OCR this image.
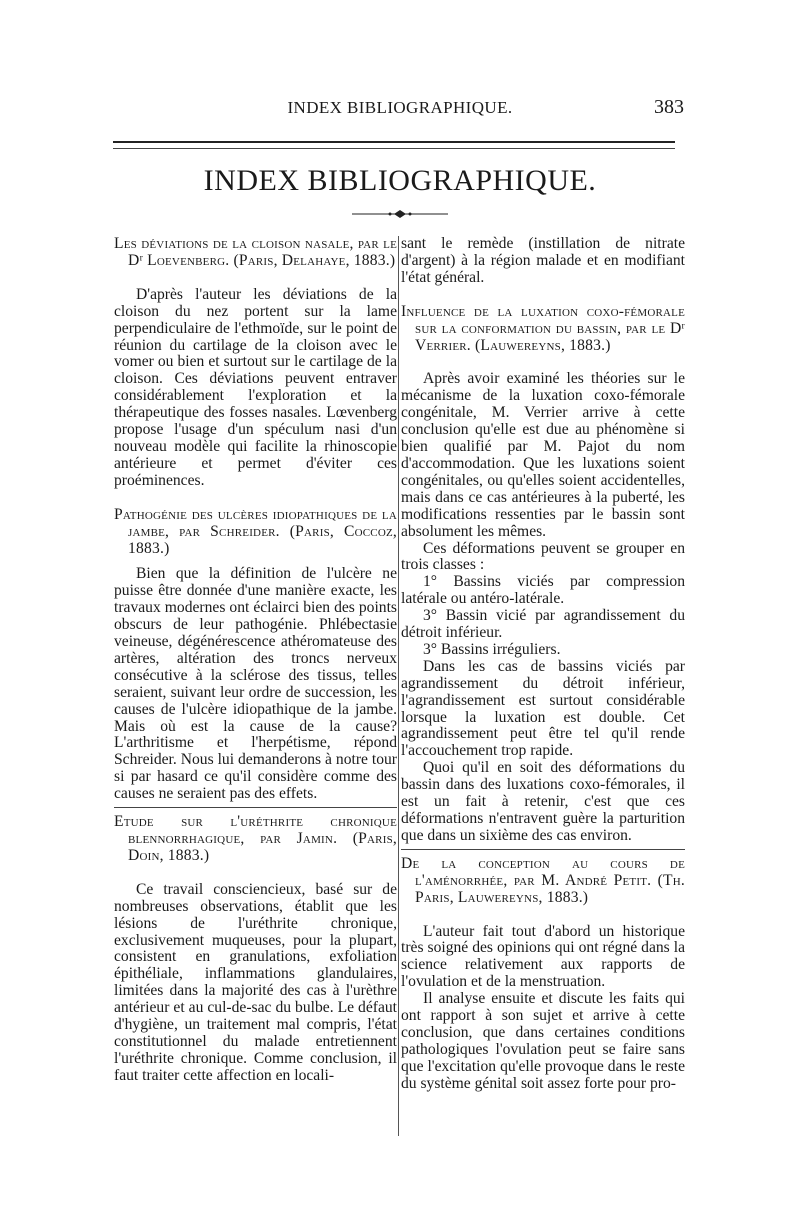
INDEX BIBLIOGRAPHIQUE.	383
INDEX BIBLIOGRAPHIQUE.

Les déviations de la cloison nasale, par le Dʳ Loevenberg. (Paris, Delahaye, 1883.)

D'après l'auteur les déviations de la cloison du nez portent sur la lame perpendiculaire de l'ethmoïde, sur le point de réunion du cartilage de la cloison avec le vomer ou bien et surtout sur le cartilage de la cloison. Ces déviations peuvent entraver considérablement l'exploration et la thérapeutique des fosses nasales. Lœvenberg propose l'usage d'un spéculum nasi d'un nouveau modèle qui facilite la rhinoscopie antérieure et permet d'éviter ces proéminences.

Pathogénie des ulcères idiopathiques de la jambe, par Schreider. (Paris, Coccoz, 1883.)

Bien que la définition de l'ulcère ne puisse être donnée d'une manière exacte, les travaux modernes ont éclairci bien des points obscurs de leur pathogénie. Phlébectasie veineuse, dégénérescence athéromateuse des artères, altération des troncs nerveux consécutive à la sclérose des tissus, telles seraient, suivant leur ordre de succession, les causes de l'ulcère idiopathique de la jambe. Mais où est la cause de la cause? L'arthritisme et l'herpétisme, répond Schreider. Nous lui demanderons à notre tour si par hasard ce qu'il considère comme des causes ne seraient pas des effets.

Etude sur l'uréthrite chronique blennorrhagique, par Jamin. (Paris, Doin, 1883.)

Ce travail consciencieux, basé sur de nombreuses observations, établit que les lésions de l'uréthrite chronique, exclusivement muqueuses, pour la plupart, consistent en granulations, exfoliation épithéliale, inflammations glandulaires, limitées dans la majorité des cas à l'urèthre antérieur et au cul-de-sac du bulbe. Le défaut d'hygiène, un traitement mal compris, l'état constitutionnel du malade entretiennent l'uréthrite chronique. Comme conclusion, il faut traiter cette affection en locali-

sant le remède (instillation de nitrate d'argent) à la région malade et en modifiant l'état général.

Influence de la luxation coxo-fémorale sur la conformation du bassin, par le Dʳ Verrier. (Lauwereyns, 1883.)

Après avoir examiné les théories sur le mécanisme de la luxation coxo-fémorale congénitale, M. Verrier arrive à cette conclusion qu'elle est due au phénomène si bien qualifié par M. Pajot du nom d'accommodation. Que les luxations soient congénitales, ou qu'elles soient accidentelles, mais dans ce cas antérieures à la puberté, les modifications ressenties par le bassin sont absolument les mêmes.

Ces déformations peuvent se grouper en trois classes :

1° Bassins viciés par compression latérale ou antéro-latérale.

3° Bassin vicié par agrandissement du détroit inférieur.

3° Bassins irréguliers.

Dans les cas de bassins viciés par agrandissement du détroit inférieur, l'agrandissement est surtout considérable lorsque la luxation est double. Cet agrandissement peut être tel qu'il rende l'accouchement trop rapide.

Quoi qu'il en soit des déformations du bassin dans des luxations coxo-fémorales, il est un fait à retenir, c'est que ces déformations n'entravent guère la parturition que dans un sixième des cas environ.

De la conception au cours de l'aménorrhée, par M. André Petit. (Th. Paris, Lauwereyns, 1883.)

L'auteur fait tout d'abord un historique très soigné des opinions qui ont régné dans la science relativement aux rapports de l'ovulation et de la menstruation.

Il analyse ensuite et discute les faits qui ont rapport à son sujet et arrive à cette conclusion, que dans certaines conditions pathologiques l'ovulation peut se faire sans que l'excitation qu'elle provoque dans le reste du système génital soit assez forte pour pro-
